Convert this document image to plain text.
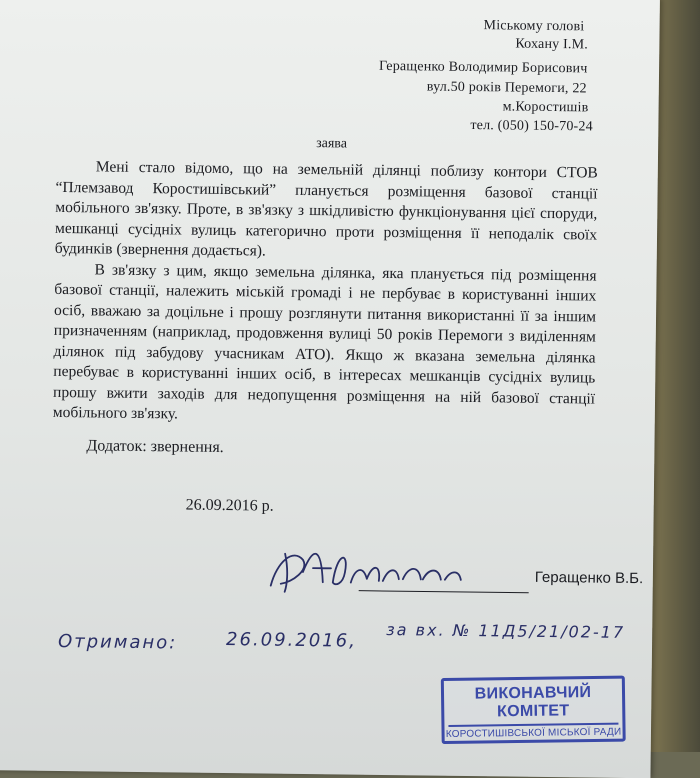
Міському голові
Кохану І.М.
Геращенко Володимир Борисович
вул.50 років Перемоги, 22
м.Коростишів
тел. (050) 150-70-24
заява

Мені стало відомо, що на земельній ділянці поблизу контори СТОВ “Племзавод Коростишівський” планується розміщення базової станції мобільного зв'язку. Проте, в зв'язку з шкідливістю функціонування цієї споруди, мешканці сусідніх вулиць категорично проти розміщення її неподалік своїх будинків (звернення додається).

В зв'язку з цим, якщо земельна ділянка, яка планується під розміщення базової станції, належить міській громаді і не пербуває в користуванні інших осіб, вважаю за доцільне і прошу розглянути питання використанні її за іншим призначенням (наприклад, продовження вулиці 50 років Перемоги з виділенням ділянок під забудову учасникам АТО). Якщо ж вказана земельна ділянка перебуває в користуванні інших осіб, в інтересах мешканців сусідніх вулиць прошу вжити заходів для недопущення розміщення на ній базової станції мобільного зв'язку.

Додаток: звернення.
26.09.2016 р.
Геращенко В.Б.
Отримано:	26.09.2016, за вх. № 11Д5/21/02-17
ВИКОНАВЧИЙ КОМІТЕТ
КОРОСТИШІВСЬКОЇ МІСЬКОЇ РАДИ
